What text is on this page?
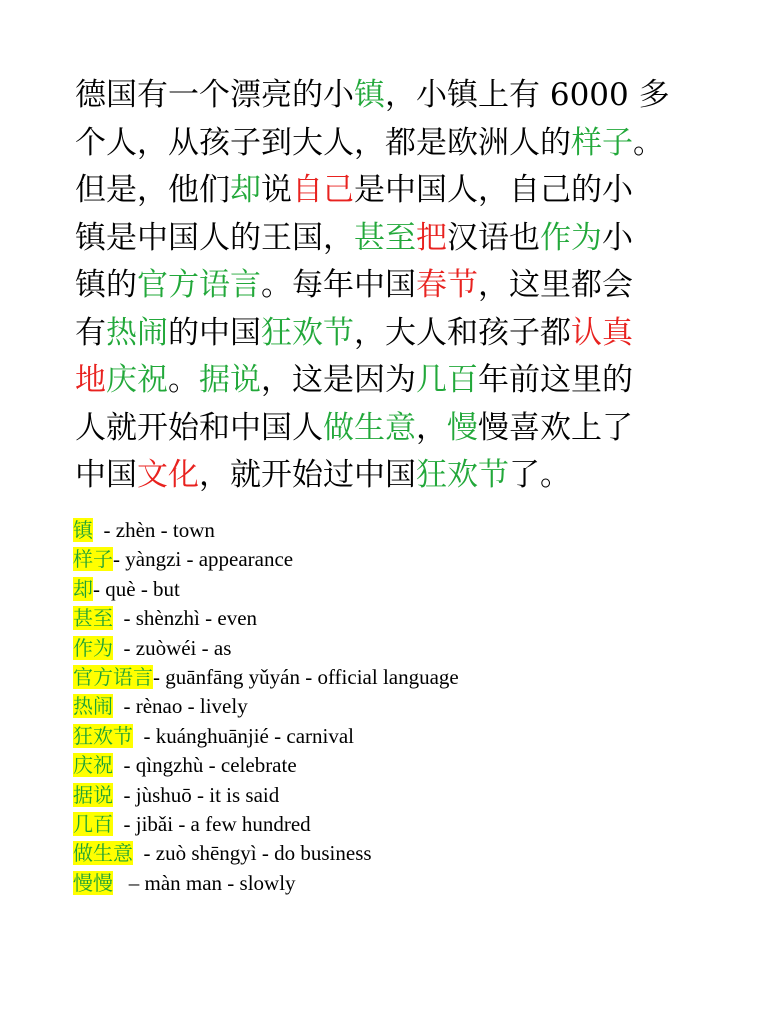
德国有一个漂亮的小镇，小镇上有 6000 多
个人，从孩子到大人，都是欧洲人的样子。
但是，他们却说自己是中国人，自己的小
镇是中国人的王国，甚至把汉语也作为小
镇的官方语言。每年中国春节，这里都会
有热闹的中国狂欢节，大人和孩子都认真
地庆祝。据说，这是因为几百年前这里的
人就开始和中国人做生意，慢慢喜欢上了
中国文化，就开始过中国狂欢节了。
镇 - zhèn - town
样子- yàngzi - appearance
却- què - but
甚至 - shènzhì - even
作为 - zuòwéi - as
官方语言- guānfāng yǔyán - official language
热闹 - rènao - lively
狂欢节 - kuánghuānjié - carnival
庆祝 - qìngzhù - celebrate
据说 - jùshuō - it is said
几百 - jibǎi - a few hundred
做生意 - zuò shēngyì - do business
慢慢 – màn man - slowly
